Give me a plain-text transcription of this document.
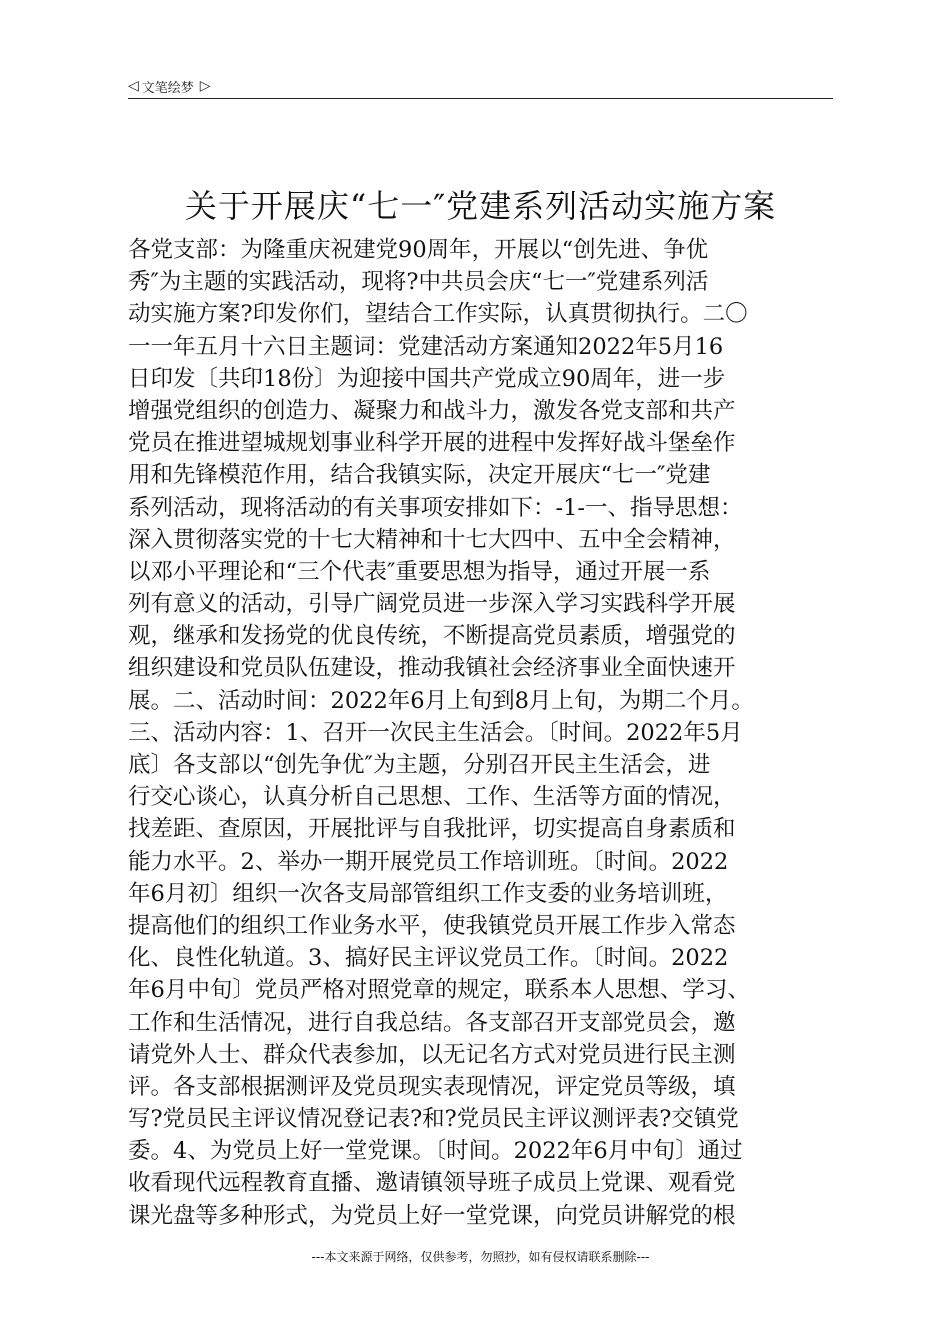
◁ 文笔绘梦 ▷
关于开展庆“七一″党建系列活动实施方案
各党支部：为隆重庆祝建党90周年，开展以“创先进、争优
秀″为主题的实践活动，现将?中共员会庆“七一″党建系列活
动实施方案?印发你们，望结合工作实际，认真贯彻执行。二〇
一一年五月十六日主题词：党建活动方案通知2022年5月16
日印发〔共印18份〕为迎接中国共产党成立90周年，进一步
增强党组织的创造力、凝聚力和战斗力，激发各党支部和共产
党员在推进望城规划事业科学开展的进程中发挥好战斗堡垒作
用和先锋模范作用，结合我镇实际，决定开展庆“七一″党建
系列活动，现将活动的有关事项安排如下：-1-一、指导思想：
深入贯彻落实党的十七大精神和十七大四中、五中全会精神，
以邓小平理论和“三个代表″重要思想为指导，通过开展一系
列有意义的活动，引导广阔党员进一步深入学习实践科学开展
观，继承和发扬党的优良传统，不断提高党员素质，增强党的
组织建设和党员队伍建设，推动我镇社会经济事业全面快速开
展。二、活动时间：2022年6月上旬到8月上旬，为期二个月。
三、活动内容：1、召开一次民主生活会。〔时间。2022年5月
底〕各支部以“创先争优″为主题，分别召开民主生活会，进
行交心谈心，认真分析自己思想、工作、生活等方面的情况，
找差距、查原因，开展批评与自我批评，切实提高自身素质和
能力水平。2、举办一期开展党员工作培训班。〔时间。2022
年6月初〕组织一次各支局部管组织工作支委的业务培训班，
提高他们的组织工作业务水平，使我镇党员开展工作步入常态
化、良性化轨道。3、搞好民主评议党员工作。〔时间。2022
年6月中旬〕党员严格对照党章的规定，联系本人思想、学习、
工作和生活情况，进行自我总结。各支部召开支部党员会，邀
请党外人士、群众代表参加，以无记名方式对党员进行民主测
评。各支部根据测评及党员现实表现情况，评定党员等级，填
写?党员民主评议情况登记表?和?党员民主评议测评表?交镇党
委。4、为党员上好一堂党课。〔时间。2022年6月中旬〕通过
收看现代远程教育直播、邀请镇领导班子成员上党课、观看党
课光盘等多种形式，为党员上好一堂党课，向党员讲解党的根
---本文来源于网络，仅供参考，勿照抄，如有侵权请联系删除---
